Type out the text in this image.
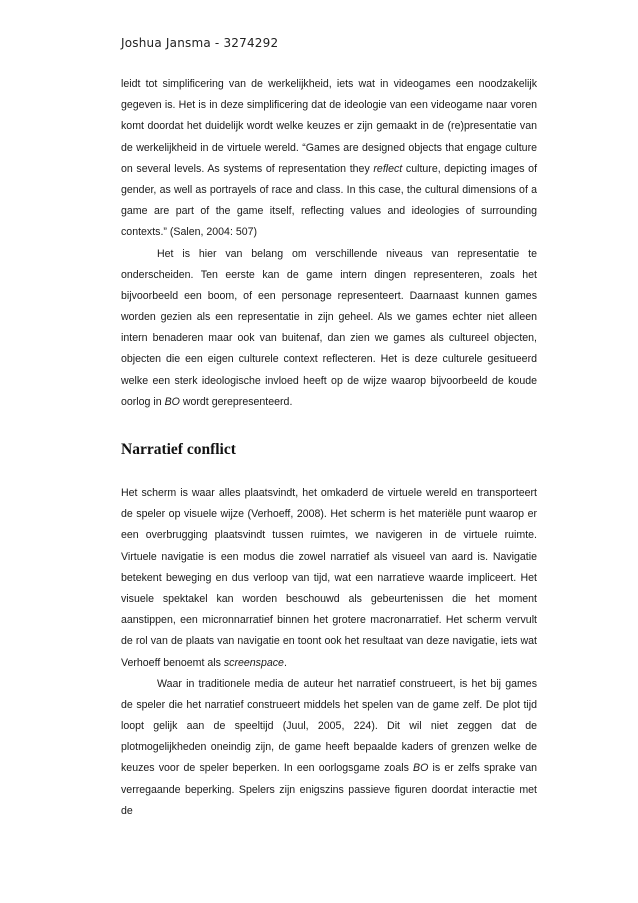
Joshua Jansma - 3274292
leidt tot simplificering van de werkelijkheid, iets wat in videogames een noodzakelijk
gegeven is. Het is in deze simplificering dat de ideologie van een videogame naar voren
komt doordat het duidelijk wordt welke keuzes er zijn gemaakt in de (re)presentatie van
de werkelijkheid in de virtuele wereld. “Games are designed objects that engage culture
on several levels. As systems of representation they reflect culture, depicting images of
gender, as well as portrayels of race and class. In this case, the cultural dimensions of a
game are part of the game itself, reflecting values and ideologies of surrounding
contexts.” (Salen, 2004: 507)
Het is hier van belang om verschillende niveaus van representatie te
onderscheiden. Ten eerste kan de game intern dingen representeren, zoals het
bijvoorbeeld een boom, of een personage representeert. Daarnaast kunnen games
worden gezien als een representatie in zijn geheel. Als we games echter niet alleen
intern benaderen maar ook van buitenaf, dan zien we games als cultureel objecten,
objecten die een eigen culturele context reflecteren. Het is deze culturele gesitueerd
welke een sterk ideologische invloed heeft op de wijze waarop bijvoorbeeld de koude
oorlog in BO wordt gerepresenteerd.
Narratief conflict
Het scherm is waar alles plaatsvindt, het omkaderd de virtuele wereld en transporteert
de speler op visuele wijze (Verhoeff, 2008). Het scherm is het materiële punt waarop er
een overbrugging plaatsvindt tussen ruimtes, we navigeren in de virtuele ruimte.
Virtuele navigatie is een modus die zowel narratief als visueel van aard is. Navigatie
betekent beweging en dus verloop van tijd, wat een narratieve waarde impliceert. Het
visuele spektakel kan worden beschouwd als gebeurtenissen die het moment
aanstippen, een micronnarratief binnen het grotere macronarratief. Het scherm vervult
de rol van de plaats van navigatie en toont ook het resultaat van deze navigatie, iets wat
Verhoeff benoemt als screenspace.
Waar in traditionele media de auteur het narratief construeert, is het bij games
de speler die het narratief construeert middels het spelen van de game zelf. De plot tijd
loopt gelijk aan de speeltijd (Juul, 2005, 224). Dit wil niet zeggen dat de
plotmogelijkheden oneindig zijn, de game heeft bepaalde kaders of grenzen welke de
keuzes voor de speler beperken. In een oorlogsgame zoals BO is er zelfs sprake van
verregaande beperking. Spelers zijn enigszins passieve figuren doordat interactie met de
